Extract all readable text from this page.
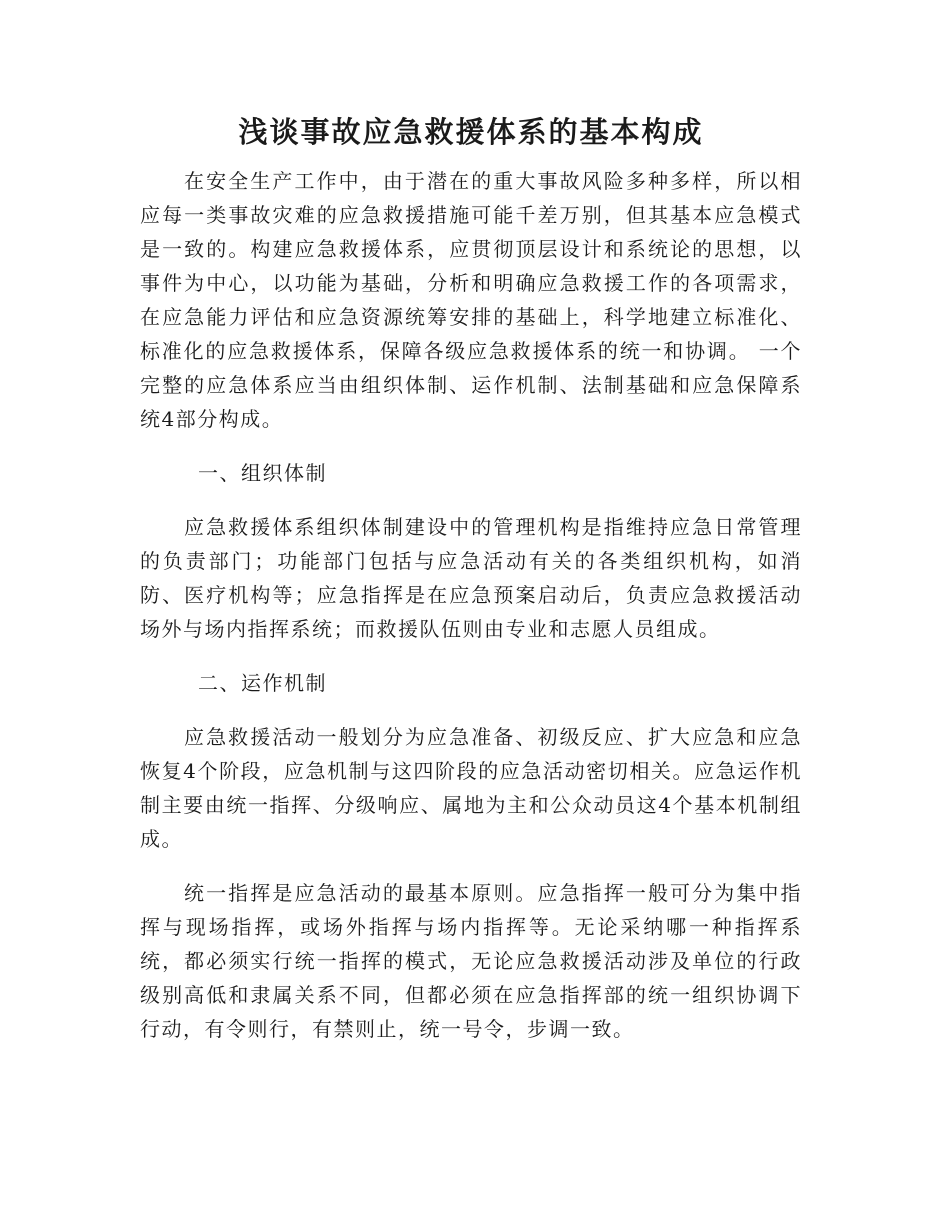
浅谈事故应急救援体系的基本构成

在安全生产工作中，由于潜在的重大事故风险多种多样，所以相应每一类事故灾难的应急救援措施可能千差万别，但其基本应急模式是一致的。构建应急救援体系，应贯彻顶层设计和系统论的思想，以事件为中心，以功能为基础，分析和明确应急救援工作的各项需求，在应急能力评估和应急资源统筹安排的基础上，科学地建立标准化、标准化的应急救援体系，保障各级应急救援体系的统一和协调。 一个完整的应急体系应当由组织体制、运作机制、法制基础和应急保障系统4部分构成。

一、组织体制

应急救援体系组织体制建设中的管理机构是指维持应急日常管理的负责部门；功能部门包括与应急活动有关的各类组织机构，如消防、医疗机构等；应急指挥是在应急预案启动后，负责应急救援活动场外与场内指挥系统；而救援队伍则由专业和志愿人员组成。

二、运作机制

应急救援活动一般划分为应急准备、初级反应、扩大应急和应急恢复4个阶段，应急机制与这四阶段的应急活动密切相关。应急运作机制主要由统一指挥、分级响应、属地为主和公众动员这4个基本机制组成。

统一指挥是应急活动的最基本原则。应急指挥一般可分为集中指挥与现场指挥，或场外指挥与场内指挥等。无论采纳哪一种指挥系统，都必须实行统一指挥的模式，无论应急救援活动涉及单位的行政级别高低和隶属关系不同，但都必须在应急指挥部的统一组织协调下行动，有令则行，有禁则止，统一号令，步调一致。
